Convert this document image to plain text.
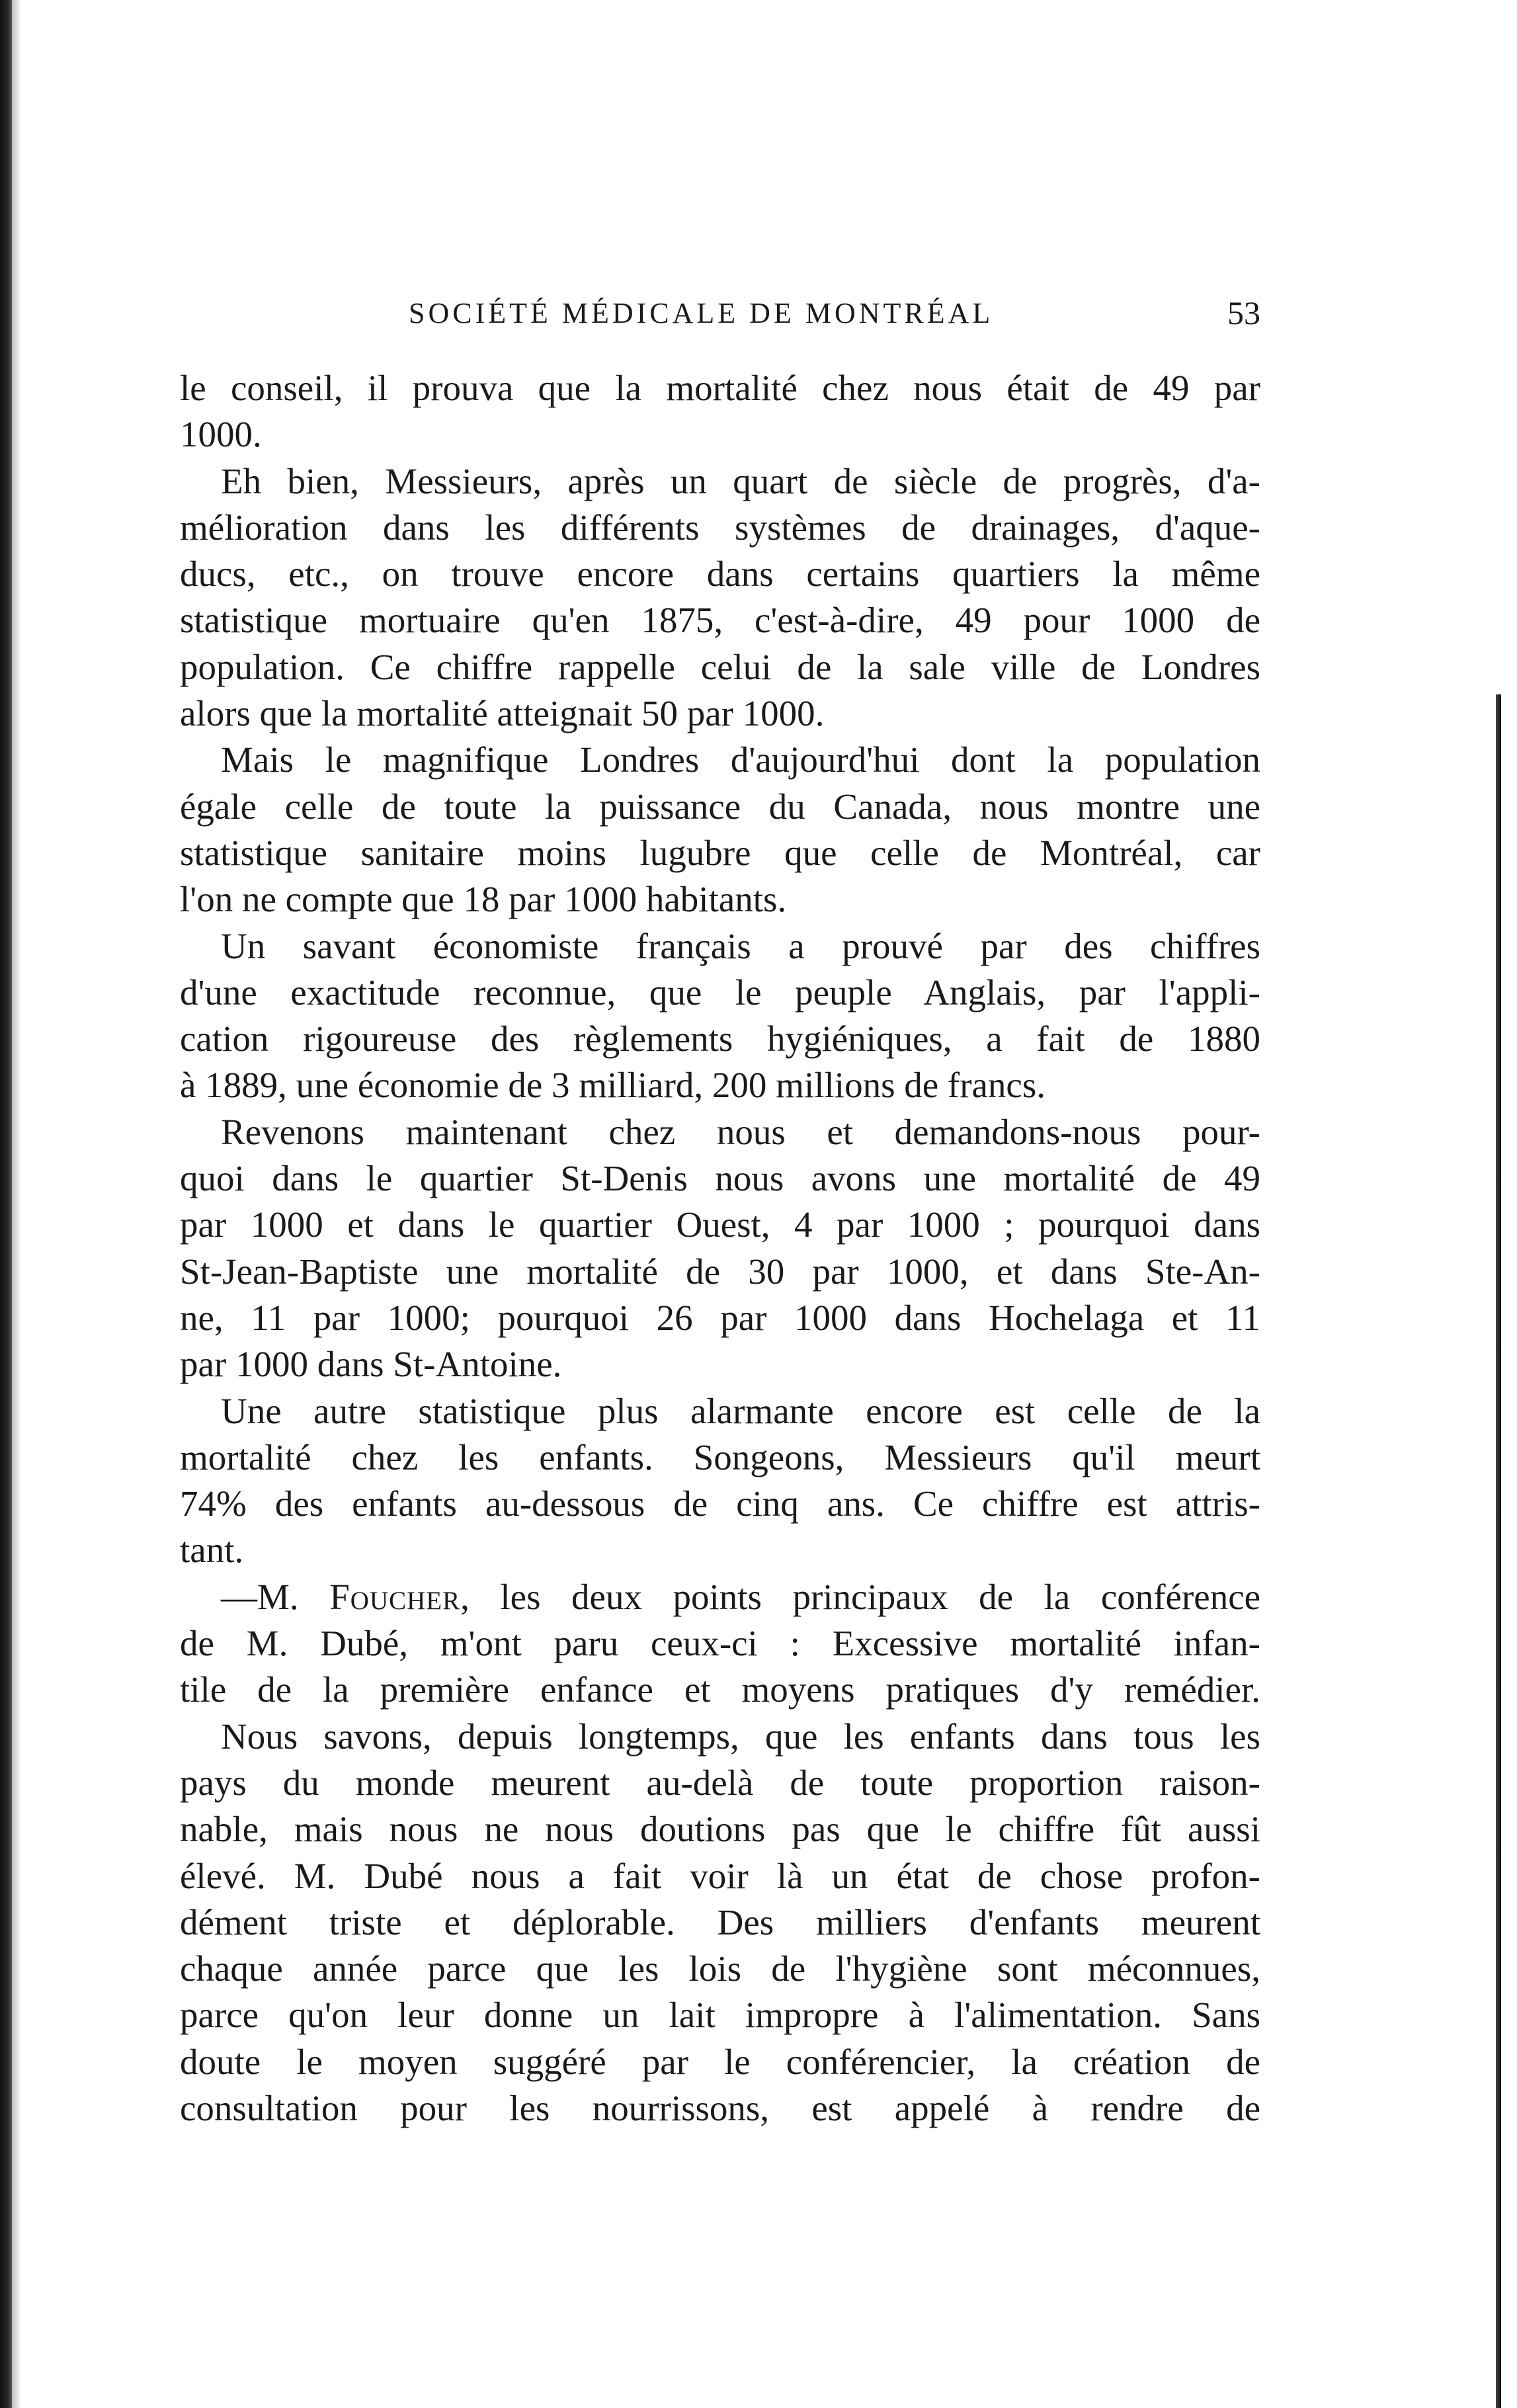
SOCIÉTÉ MÉDICALE DE MONTRÉAL	53
le conseil, il prouva que la mortalité chez nous était de 49 par
1000.
Eh bien, Messieurs, après un quart de siècle de progrès, d'a-
mélioration dans les différents systèmes de drainages, d'aque-
ducs, etc., on trouve encore dans certains quartiers la même
statistique mortuaire qu'en 1875, c'est-à-dire, 49 pour 1000 de
population. Ce chiffre rappelle celui de la sale ville de Londres
alors que la mortalité atteignait 50 par 1000.
Mais le magnifique Londres d'aujourd'hui dont la population
égale celle de toute la puissance du Canada, nous montre une
statistique sanitaire moins lugubre que celle de Montréal, car
l'on ne compte que 18 par 1000 habitants.
Un savant économiste français a prouvé par des chiffres
d'une exactitude reconnue, que le peuple Anglais, par l'appli-
cation rigoureuse des règlements hygiéniques, a fait de 1880
à 1889, une économie de 3 milliard, 200 millions de francs.
Revenons maintenant chez nous et demandons-nous pour-
quoi dans le quartier St-Denis nous avons une mortalité de 49
par 1000 et dans le quartier Ouest, 4 par 1000 ; pourquoi dans
St-Jean-Baptiste une mortalité de 30 par 1000, et dans Ste-An-
ne, 11 par 1000; pourquoi 26 par 1000 dans Hochelaga et 11
par 1000 dans St-Antoine.
Une autre statistique plus alarmante encore est celle de la
mortalité chez les enfants. Songeons, Messieurs qu'il meurt
74% des enfants au-dessous de cinq ans. Ce chiffre est attris-
tant.
—M. Foucher, les deux points principaux de la conférence
de M. Dubé, m'ont paru ceux-ci : Excessive mortalité infan-
tile de la première enfance et moyens pratiques d'y remédier.
Nous savons, depuis longtemps, que les enfants dans tous les
pays du monde meurent au-delà de toute proportion raison-
nable, mais nous ne nous doutions pas que le chiffre fût aussi
élevé. M. Dubé nous a fait voir là un état de chose profon-
dément triste et déplorable. Des milliers d'enfants meurent
chaque année parce que les lois de l'hygiène sont méconnues,
parce qu'on leur donne un lait impropre à l'alimentation. Sans
doute le moyen suggéré par le conférencier, la création de
consultation pour les nourrissons, est appelé à rendre de
